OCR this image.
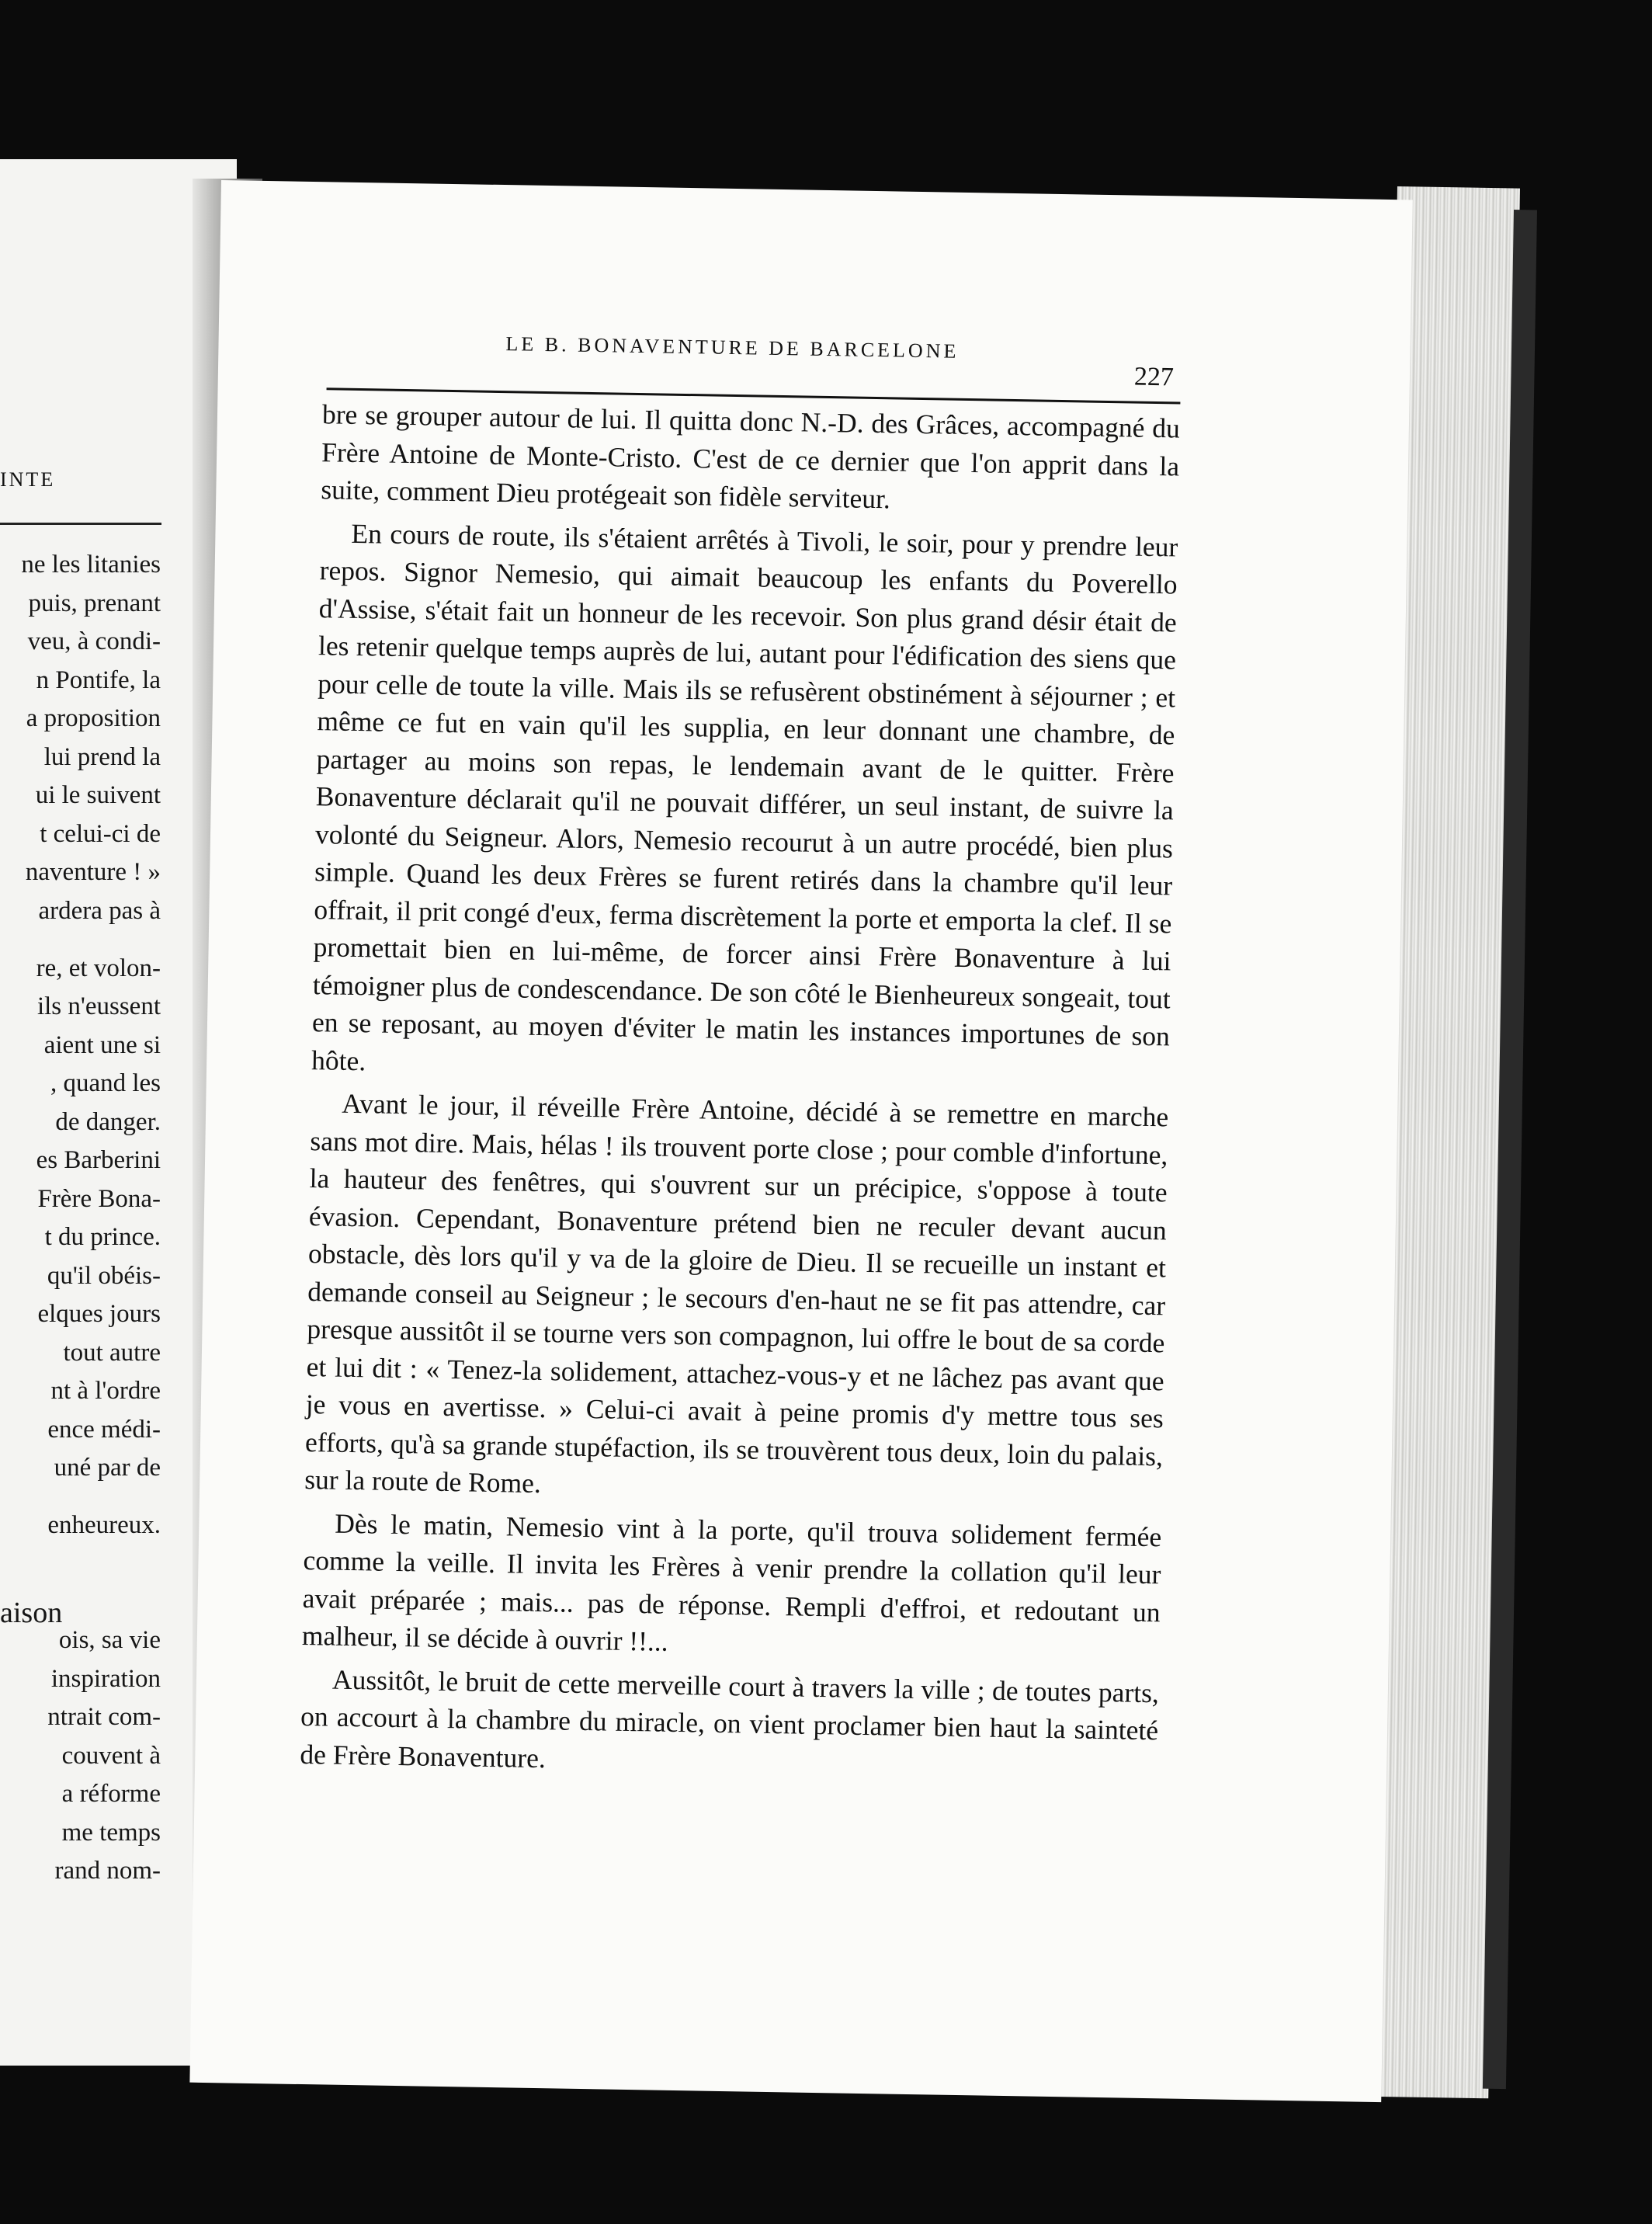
INTE

ne les litanies
puis, prenant
veu, à condi-
n Pontife, la
a proposition
lui prend la
ui le suivent
t celui-ci de
naventure ! »
ardera pas à
re, et volon-
ils n'eussent
aient une si
, quand les
de danger.
es Barberini
Frère Bona-
t du prince.
qu'il obéis-
elques jours
tout autre
nt à l'ordre
ence médi-
uné par de
enheureux.
ois, sa vie
inspiration
ntrait com-
couvent à
a réforme
me temps
rand nom-

aison

LE B. BONAVENTURE DE BARCELONE

227

bre se grouper autour de lui. Il quitta donc N.-D. des Grâces, accompagné du Frère Antoine de Monte-Cristo. C'est de ce dernier que l'on apprit dans la suite, comment Dieu protégeait son fidèle serviteur.

En cours de route, ils s'étaient arrêtés à Tivoli, le soir, pour y prendre leur repos. Signor Nemesio, qui aimait beaucoup les enfants du Poverello d'Assise, s'était fait un honneur de les recevoir. Son plus grand désir était de les retenir quelque temps auprès de lui, autant pour l'édification des siens que pour celle de toute la ville. Mais ils se refusèrent obstinément à séjourner ; et même ce fut en vain qu'il les supplia, en leur donnant une chambre, de partager au moins son repas, le lendemain avant de le quitter. Frère Bonaventure déclarait qu'il ne pouvait différer, un seul instant, de suivre la volonté du Seigneur. Alors, Nemesio recourut à un autre procédé, bien plus simple. Quand les deux Frères se furent retirés dans la chambre qu'il leur offrait, il prit congé d'eux, ferma discrètement la porte et emporta la clef. Il se promettait bien en lui-même, de forcer ainsi Frère Bonaventure à lui témoigner plus de condescendance. De son côté le Bienheureux songeait, tout en se reposant, au moyen d'éviter le matin les instances importunes de son hôte.

Avant le jour, il réveille Frère Antoine, décidé à se remettre en marche sans mot dire. Mais, hélas ! ils trouvent porte close ; pour comble d'infortune, la hauteur des fenêtres, qui s'ouvrent sur un précipice, s'oppose à toute évasion. Cependant, Bonaventure prétend bien ne reculer devant aucun obstacle, dès lors qu'il y va de la gloire de Dieu. Il se recueille un instant et demande conseil au Seigneur ; le secours d'en-haut ne se fit pas attendre, car presque aussitôt il se tourne vers son compagnon, lui offre le bout de sa corde et lui dit : « Tenez-la solidement, attachez-vous-y et ne lâchez pas avant que je vous en avertisse. » Celui-ci avait à peine promis d'y mettre tous ses efforts, qu'à sa grande stupéfaction, ils se trouvèrent tous deux, loin du palais, sur la route de Rome.

Dès le matin, Nemesio vint à la porte, qu'il trouva solidement fermée comme la veille. Il invita les Frères à venir prendre la collation qu'il leur avait préparée ; mais... pas de réponse. Rempli d'effroi, et redoutant un malheur, il se décide à ouvrir !!...

Aussitôt, le bruit de cette merveille court à travers la ville ; de toutes parts, on accourt à la chambre du miracle, on vient proclamer bien haut la sainteté de Frère Bonaventure.
